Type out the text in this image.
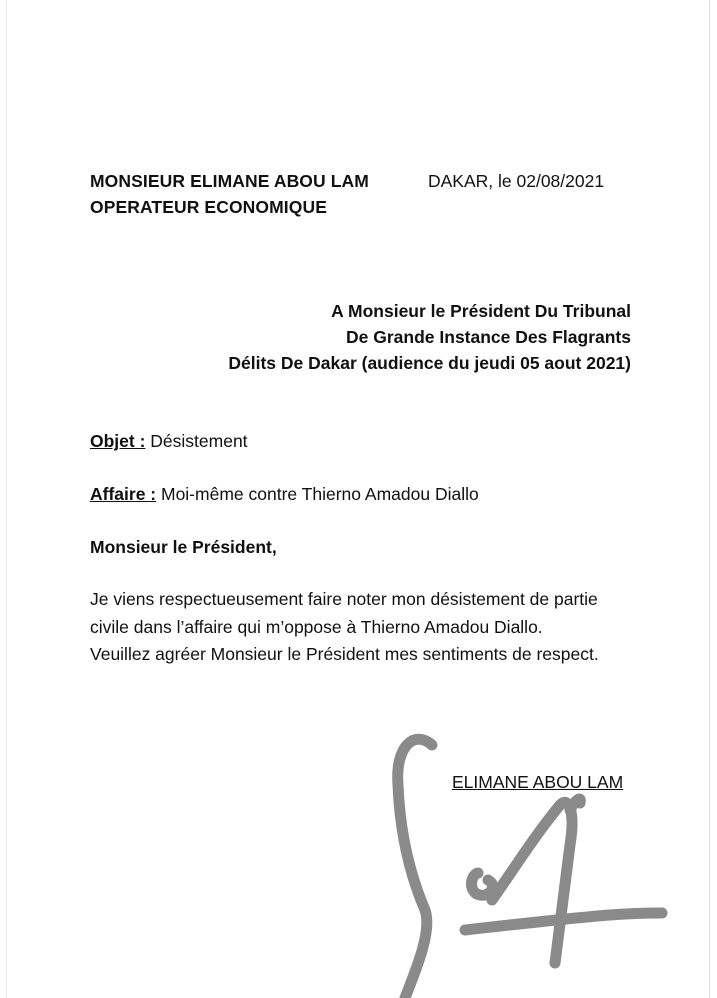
MONSIEUR ELIMANE ABOU LAM
OPERATEUR ECONOMIQUE
DAKAR, le 02/08/2021
A Monsieur le Président Du Tribunal
De Grande Instance Des Flagrants
Délits De Dakar (audience du jeudi 05 aout 2021)
Objet : Désistement
Affaire : Moi-même contre Thierno Amadou Diallo
Monsieur le Président,

Je viens respectueusement faire noter mon désistement de partie civile dans l’affaire qui m’oppose à Thierno Amadou Diallo.

Veuillez agréer Monsieur le Président mes sentiments de respect.

ELIMANE ABOU LAM
